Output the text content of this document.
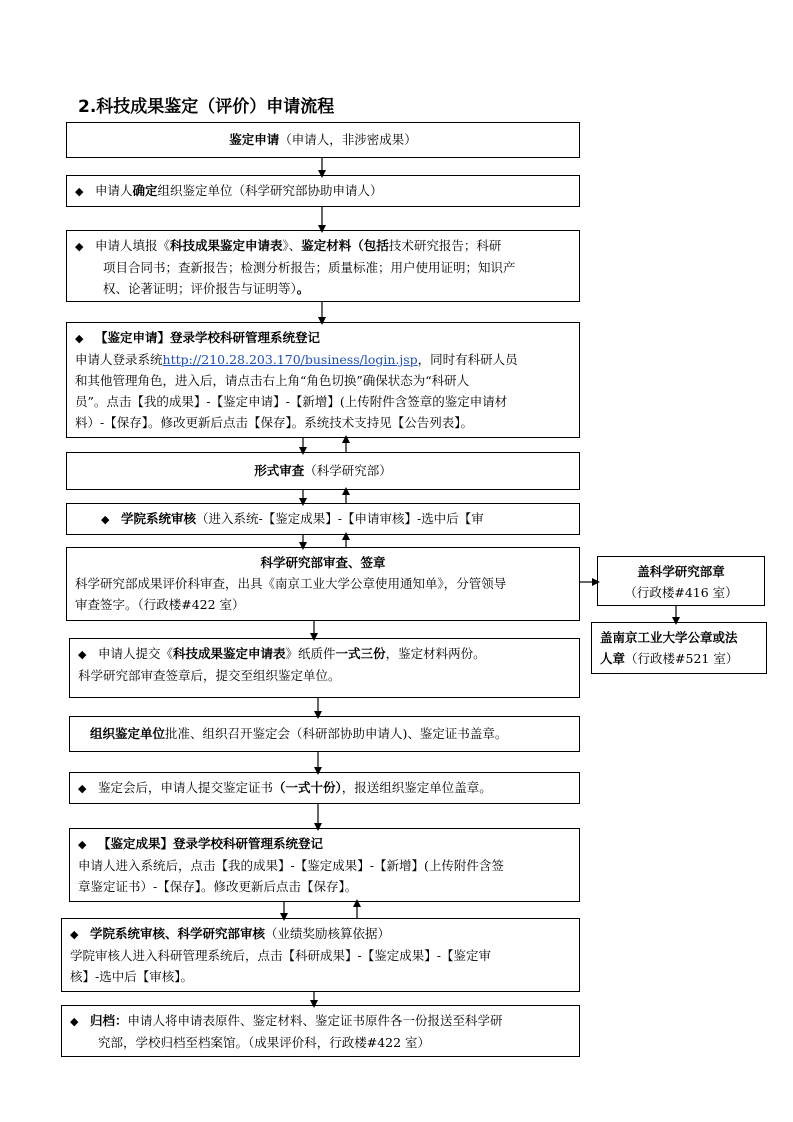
2.科技成果鉴定（评价）申请流程
鉴定申请（申请人，非涉密成果）
◆ 申请人确定组织鉴定单位（科学研究部协助申请人）
◆ 申请人填报《科技成果鉴定申请表》、鉴定材料（包括技术研究报告；科研
项目合同书；查新报告；检测分析报告；质量标准；用户使用证明；知识产
权、论著证明；评价报告与证明等）。
◆ 【鉴定申请】登录学校科研管理系统登记
申请人登录系统http://210.28.203.170/business/login.jsp，同时有科研人员
和其他管理角色，进入后，请点击右上角“角色切换”确保状态为“科研人
员”。点击【我的成果】-【鉴定申请】-【新增】(上传附件含签章的鉴定申请材
料）-【保存】。修改更新后点击【保存】。系统技术支持见【公告列表】。
形式审查（科学研究部）
◆ 学院系统审核（进入系统-【鉴定成果】-【申请审核】-选中后【审
科学研究部审查、签章
科学研究部成果评价科审查，出具《南京工业大学公章使用通知单》，分管领导
审查签字。（行政楼#422 室）
盖科学研究部章
（行政楼#416 室）
盖南京工业大学公章或法
人章（行政楼#521 室）
◆ 申请人提交《科技成果鉴定申请表》纸质件一式三份，鉴定材料两份。
科学研究部审查签章后，提交至组织鉴定单位。
组织鉴定单位批准、组织召开鉴定会（科研部协助申请人)、鉴定证书盖章。
◆ 鉴定会后，申请人提交鉴定证书（一式十份），报送组织鉴定单位盖章。
◆ 【鉴定成果】登录学校科研管理系统登记
申请人进入系统后，点击【我的成果】-【鉴定成果】-【新增】(上传附件含签
章鉴定证书）-【保存】。修改更新后点击【保存】。
◆ 学院系统审核、科学研究部审核（业绩奖励核算依据）
学院审核人进入科研管理系统后，点击【科研成果】-【鉴定成果】-【鉴定审
核】-选中后【审核】。
◆ 归档：申请人将申请表原件、鉴定材料、鉴定证书原件各一份报送至科学研
究部，学校归档至档案馆。（成果评价科，行政楼#422 室）
